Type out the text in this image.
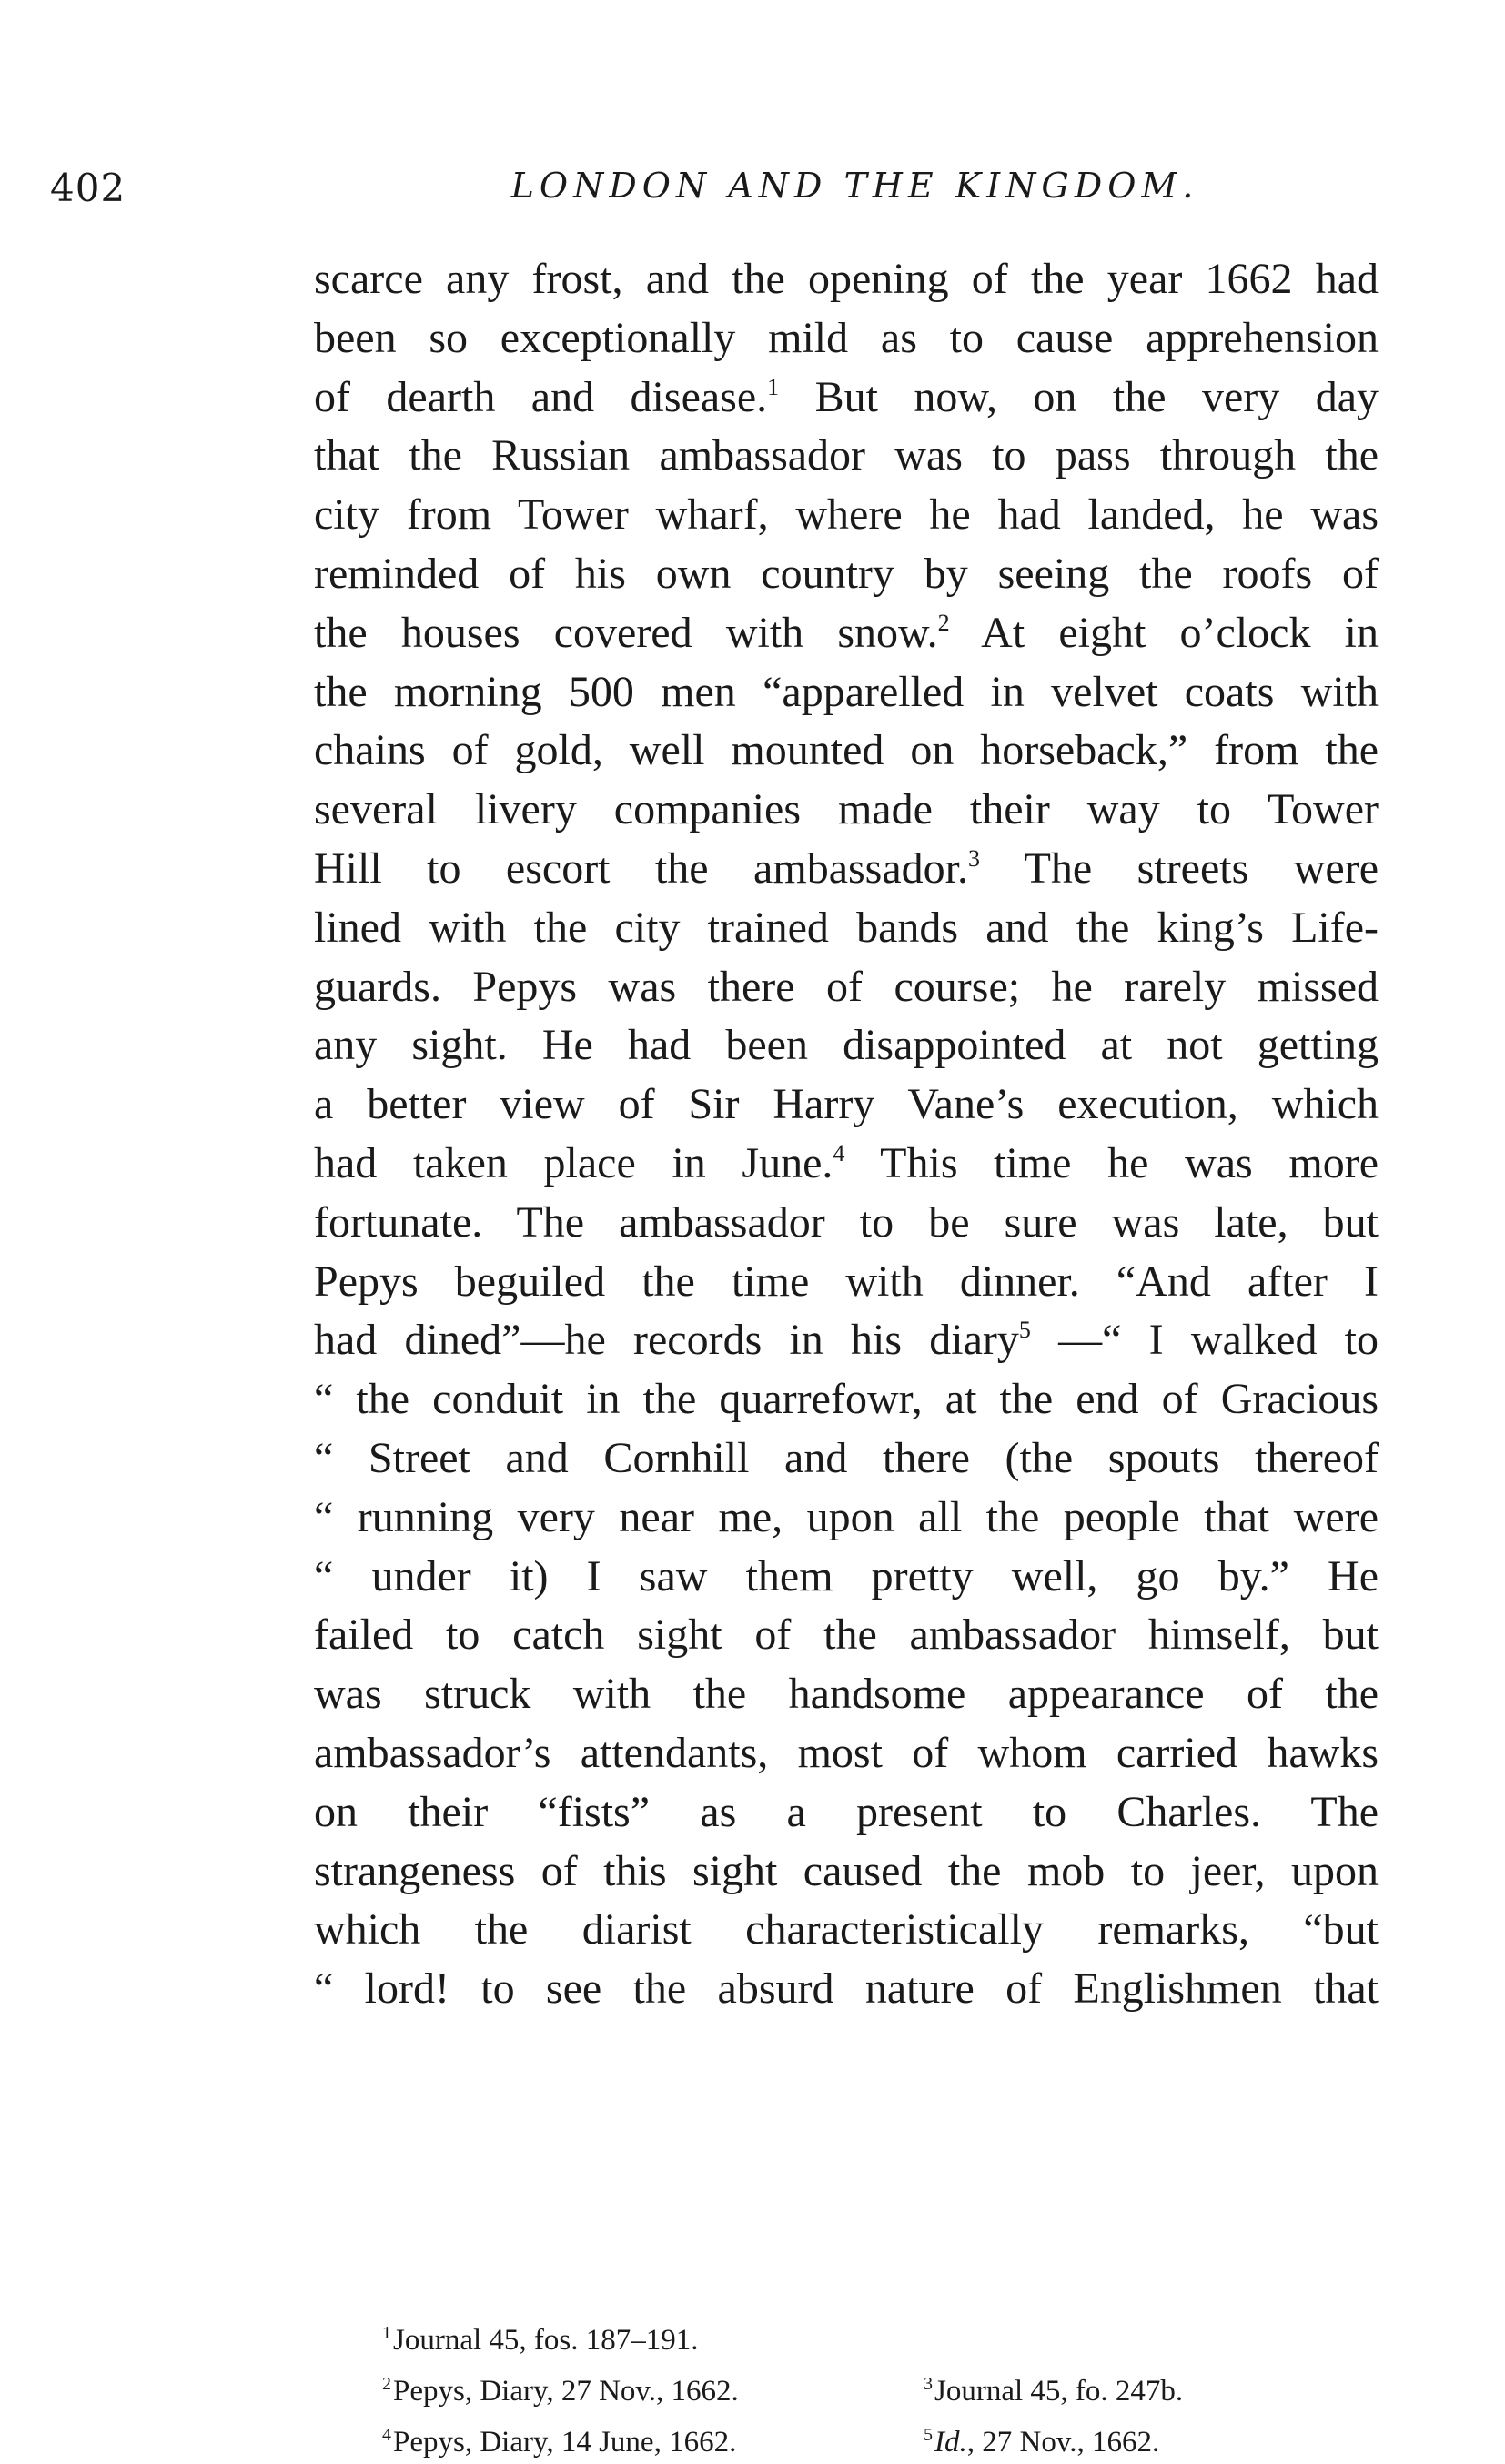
402	LONDON AND THE KINGDOM.
scarce any frost, and the opening of the year 1662 had
been so exceptionally mild as to cause apprehension
of dearth and disease.$^1$ But now, on the very day
that the Russian ambassador was to pass through the
city from Tower wharf, where he had landed, he was
reminded of his own country by seeing the roofs of
the houses covered with snow.$^2$ At eight o’clock in
the morning 500 men “apparelled in velvet coats with
chains of gold, well mounted on horseback,” from the
several livery companies made their way to Tower
Hill to escort the ambassador.$^3$ The streets were
lined with the city trained bands and the king’s Life-
guards. Pepys was there of course; he rarely missed
any sight. He had been disappointed at not getting
a better view of Sir Harry Vane’s execution, which
had taken place in June.$^4$ This time he was more
fortunate. The ambassador to be sure was late, but
Pepys beguiled the time with dinner. “And after I
had dined”—he records in his diary$^5$ —“ I walked to
“ the conduit in the quarrefowr, at the end of Gracious
“ Street and Cornhill and there (the spouts thereof
“ running very near me, upon all the people that were
“ under it) I saw them pretty well, go by.” He
failed to catch sight of the ambassador himself, but
was struck with the handsome appearance of the
ambassador’s attendants, most of whom carried hawks
on their “fists” as a present to Charles. The
strangeness of this sight caused the mob to jeer, upon
which the diarist characteristically remarks, “but
“ lord! to see the absurd nature of Englishmen that
$^1$Journal 45, fos. 187–191.
$^2$Pepys, Diary, 27 Nov., 1662.	$^3$Journal 45, fo. 247b.
$^4$Pepys, Diary, 14 June, 1662.	$^5$Id., 27 Nov., 1662.
